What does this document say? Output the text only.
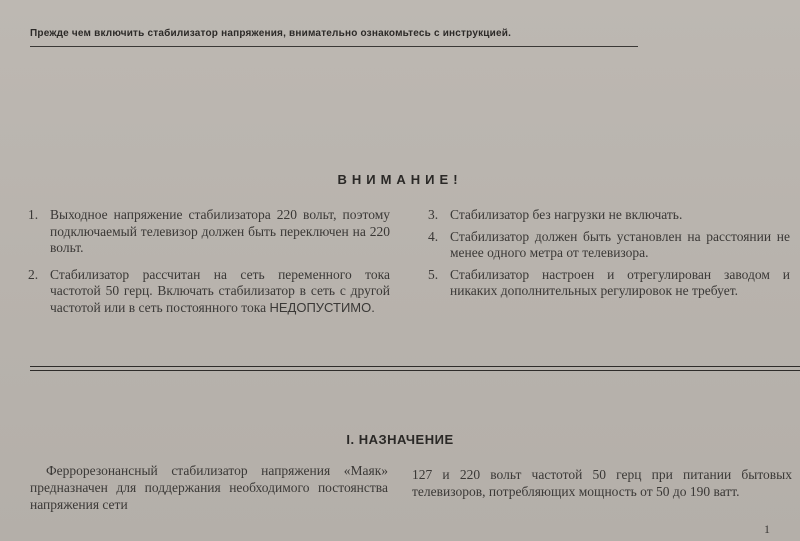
Прежде чем включить стабилизатор напряжения, внимательно ознакомьтесь с инструкцией.
ВНИМАНИЕ!
1. Выходное напряжение стабилизатора 220 вольт, поэтому подключаемый телевизор должен быть переключен на 220 вольт.
2. Стабилизатор рассчитан на сеть переменного тока частотой 50 герц. Включать стабилизатор в сеть с другой частотой или в сеть постоянного тока НЕДОПУСТИМО.
3. Стабилизатор без нагрузки не включать.
4. Стабилизатор должен быть установлен на расстоянии не менее одного метра от телевизора.
5. Стабилизатор настроен и отрегулирован заводом и никаких дополнительных регулировок не требует.
I. НАЗНАЧЕНИЕ
Феррорезонансный стабилизатор напряжения «Маяк» предназначен для поддержания необходимого постоянства напряжения сети
127 и 220 вольт частотой 50 герц при питании бытовых телевизоров, потребляющих мощность от 50 до 190 ватт.
1
